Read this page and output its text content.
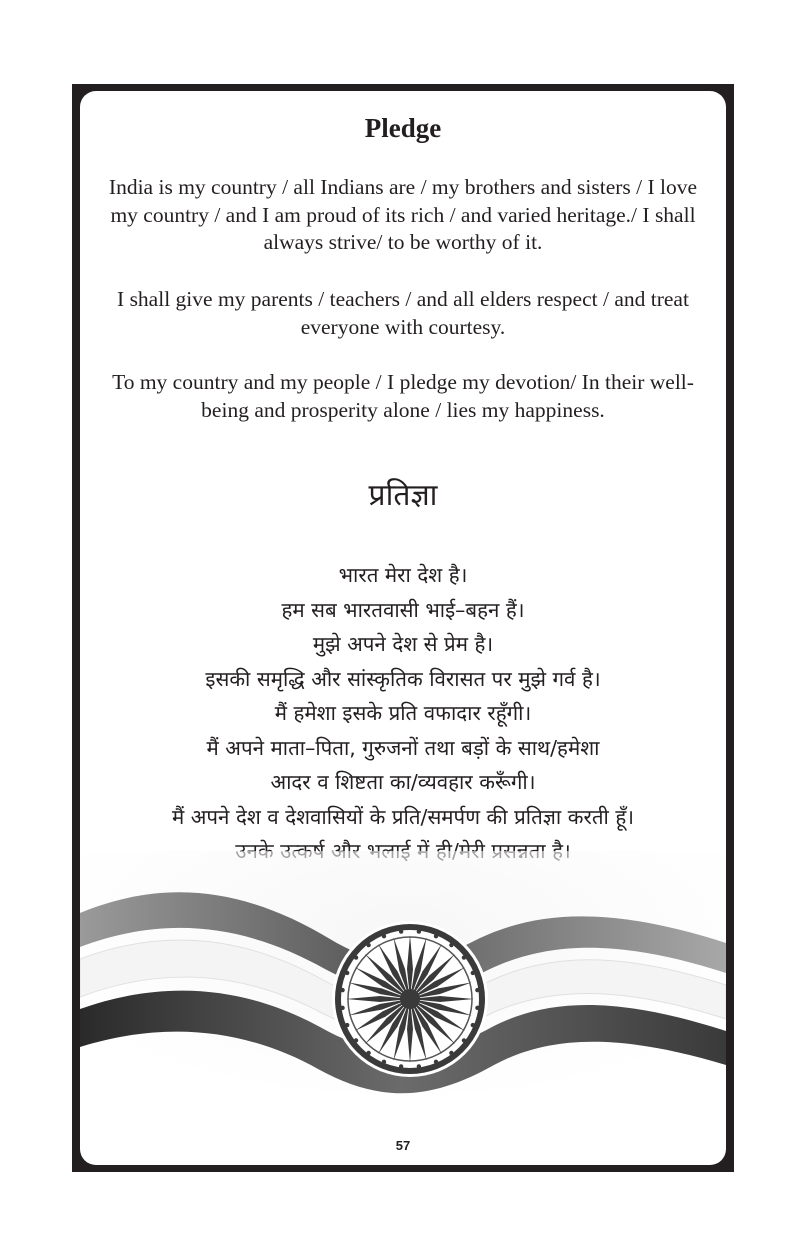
Pledge

India is my country / all Indians are / my brothers and sisters / I love my country / and I am proud of its rich / and varied heritage./ I shall always strive/ to be worthy of it.

I shall give my parents / teachers / and all elders respect / and treat everyone with courtesy.

To my country and my people / I pledge my devotion/ In their well-being and prosperity alone / lies my happiness.

प्रतिज्ञा
भारत मेरा देश है।
हम सब भारतवासी भाई–बहन हैं।
मुझे अपने देश से प्रेम है।
इसकी समृद्धि और सांस्कृतिक विरासत पर मुझे गर्व है।
मैं हमेशा इसके प्रति वफादार रहूँगी।
मैं अपने माता–पिता, गुरुजनों तथा बड़ों के साथ/हमेशा
आदर व शिष्टता का/व्यवहार करूँगी।
मैं अपने देश व देशवासियों के प्रति/समर्पण की प्रतिज्ञा करती हूँ।
57
